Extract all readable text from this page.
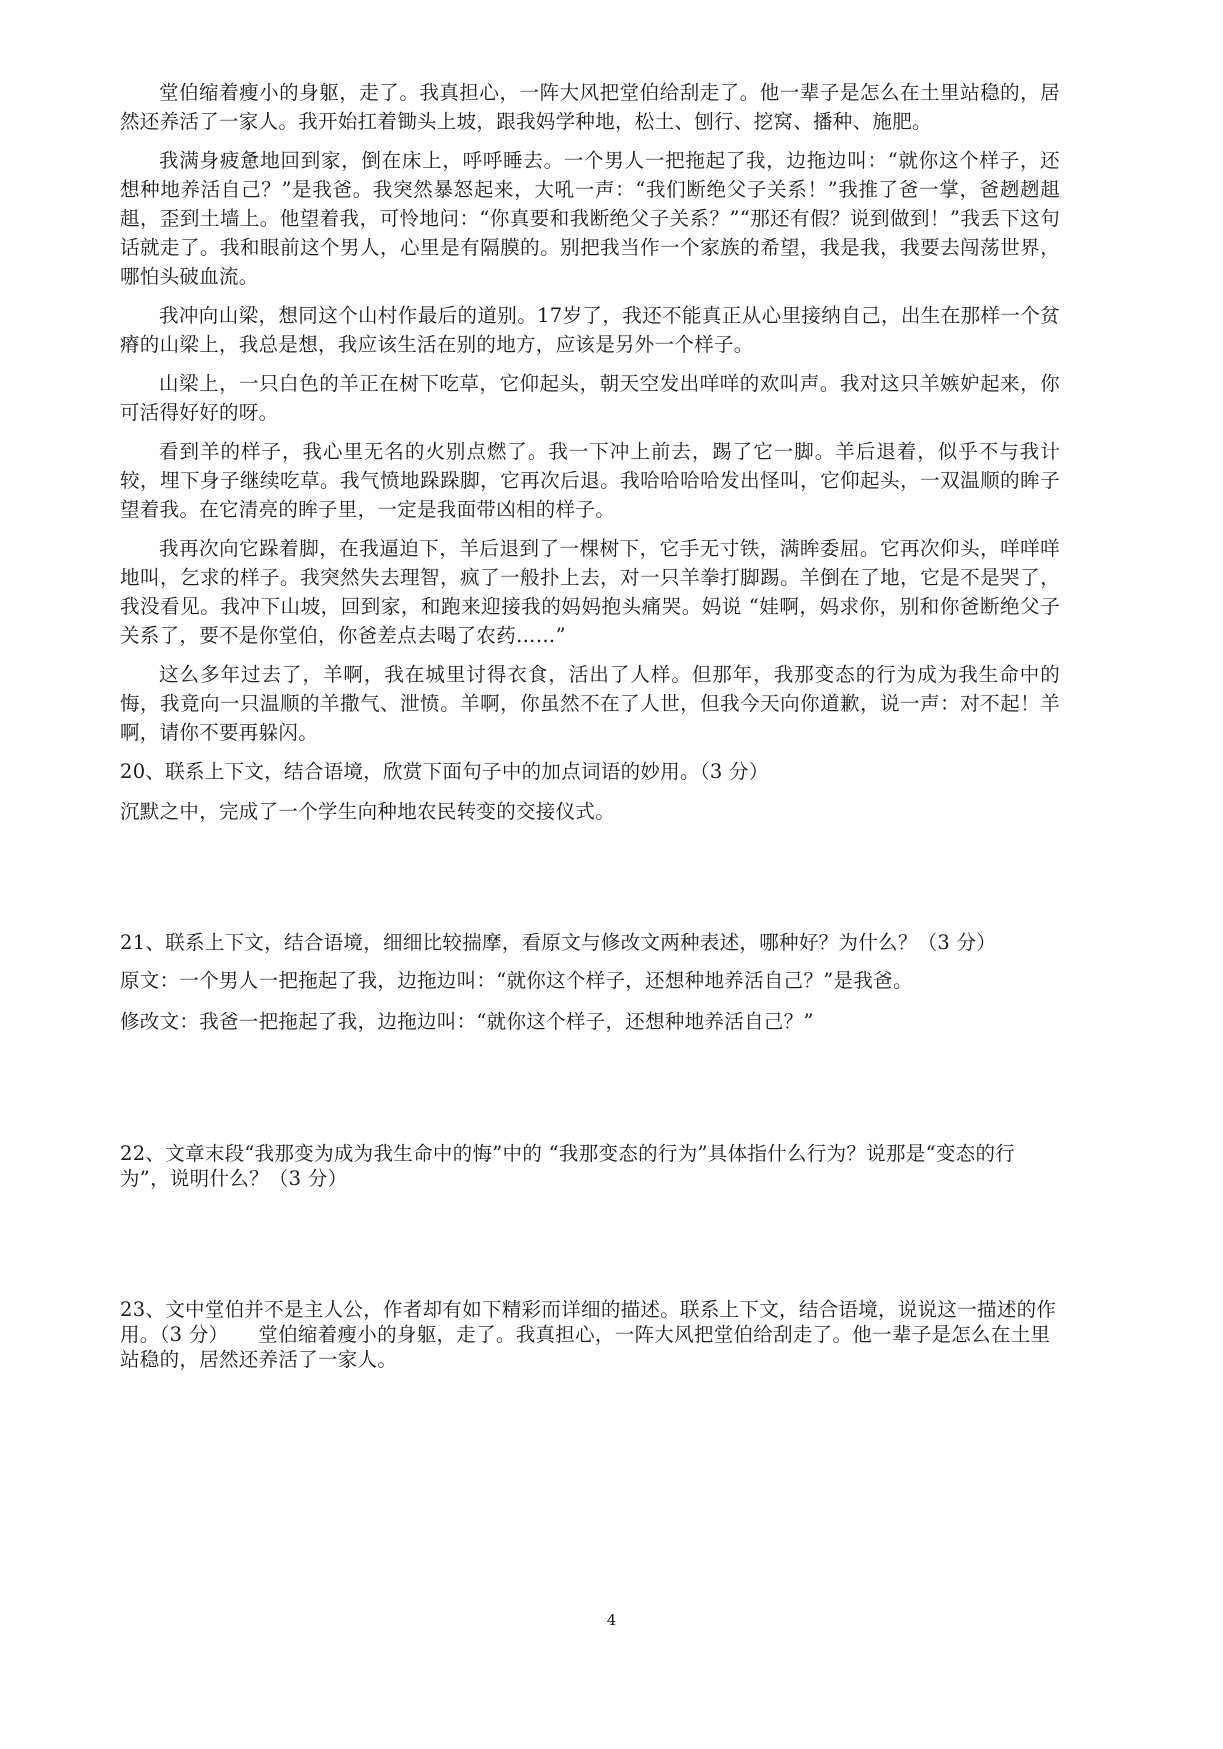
堂伯缩着瘦小的身躯，走了。我真担心，一阵大风把堂伯给刮走了。他一辈子是怎么在土里站稳的，居然还养活了一家人。我开始扛着锄头上坡，跟我妈学种地，松土、刨行、挖窝、播种、施肥。

我满身疲惫地回到家，倒在床上，呼呼睡去。一个男人一把拖起了我，边拖边叫：“就你这个样子，还想种地养活自己？”是我爸。我突然暴怒起来，大吼一声：“我们断绝父子关系！”我推了爸一掌，爸趔趔趄趄，歪到土墙上。他望着我，可怜地问：“你真要和我断绝父子关系？”“那还有假？说到做到！”我丢下这句话就走了。我和眼前这个男人，心里是有隔膜的。别把我当作一个家族的希望，我是我，我要去闯荡世界，哪怕头破血流。

我冲向山梁，想同这个山村作最后的道别。17岁了，我还不能真正从心里接纳自己，出生在那样一个贫瘠的山梁上，我总是想，我应该生活在别的地方，应该是另外一个样子。

山梁上，一只白色的羊正在树下吃草，它仰起头，朝天空发出咩咩的欢叫声。我对这只羊嫉妒起来，你可活得好好的呀。

看到羊的样子，我心里无名的火别点燃了。我一下冲上前去，踢了它一脚。羊后退着，似乎不与我计较，埋下身子继续吃草。我气愤地跺跺脚，它再次后退。我哈哈哈哈发出怪叫，它仰起头，一双温顺的眸子望着我。在它清亮的眸子里，一定是我面带凶相的样子。

我再次向它跺着脚，在我逼迫下，羊后退到了一棵树下，它手无寸铁，满眸委屈。它再次仰头，咩咩咩地叫，乞求的样子。我突然失去理智，疯了一般扑上去，对一只羊拳打脚踢。羊倒在了地，它是不是哭了，我没看见。我冲下山坡，回到家，和跑来迎接我的妈妈抱头痛哭。妈说 “娃啊，妈求你，别和你爸断绝父子关系了，要不是你堂伯，你爸差点去喝了农药……”

这么多年过去了，羊啊，我在城里讨得衣食，活出了人样。但那年，我那变态的行为成为我生命中的悔，我竟向一只温顺的羊撒气、泄愤。羊啊，你虽然不在了人世，但我今天向你道歉，说一声：对不起！羊啊，请你不要再躲闪。

20、联系上下文，结合语境，欣赏下面句子中的加点词语的妙用。（3 分）

沉默之中，完成了一个学生向种地农民转变的交接仪式。

21、联系上下文，结合语境，细细比较揣摩，看原文与修改文两种表述，哪种好？为什么？（3 分）

原文：一个男人一把拖起了我，边拖边叫：“就你这个样子，还想种地养活自己？”是我爸。

修改文：我爸一把拖起了我，边拖边叫：“就你这个样子，还想种地养活自己？”

22、文章末段“我那变为成为我生命中的悔”中的 “我那变态的行为”具体指什么行为？说那是“变态的行为”，说明什么？（3 分）

23、文中堂伯并不是主人公，作者却有如下精彩而详细的描述。联系上下文，结合语境，说说这一描述的作用。（3 分）　　堂伯缩着瘦小的身躯，走了。我真担心，一阵大风把堂伯给刮走了。他一辈子是怎么在土里站稳的，居然还养活了一家人。

4
